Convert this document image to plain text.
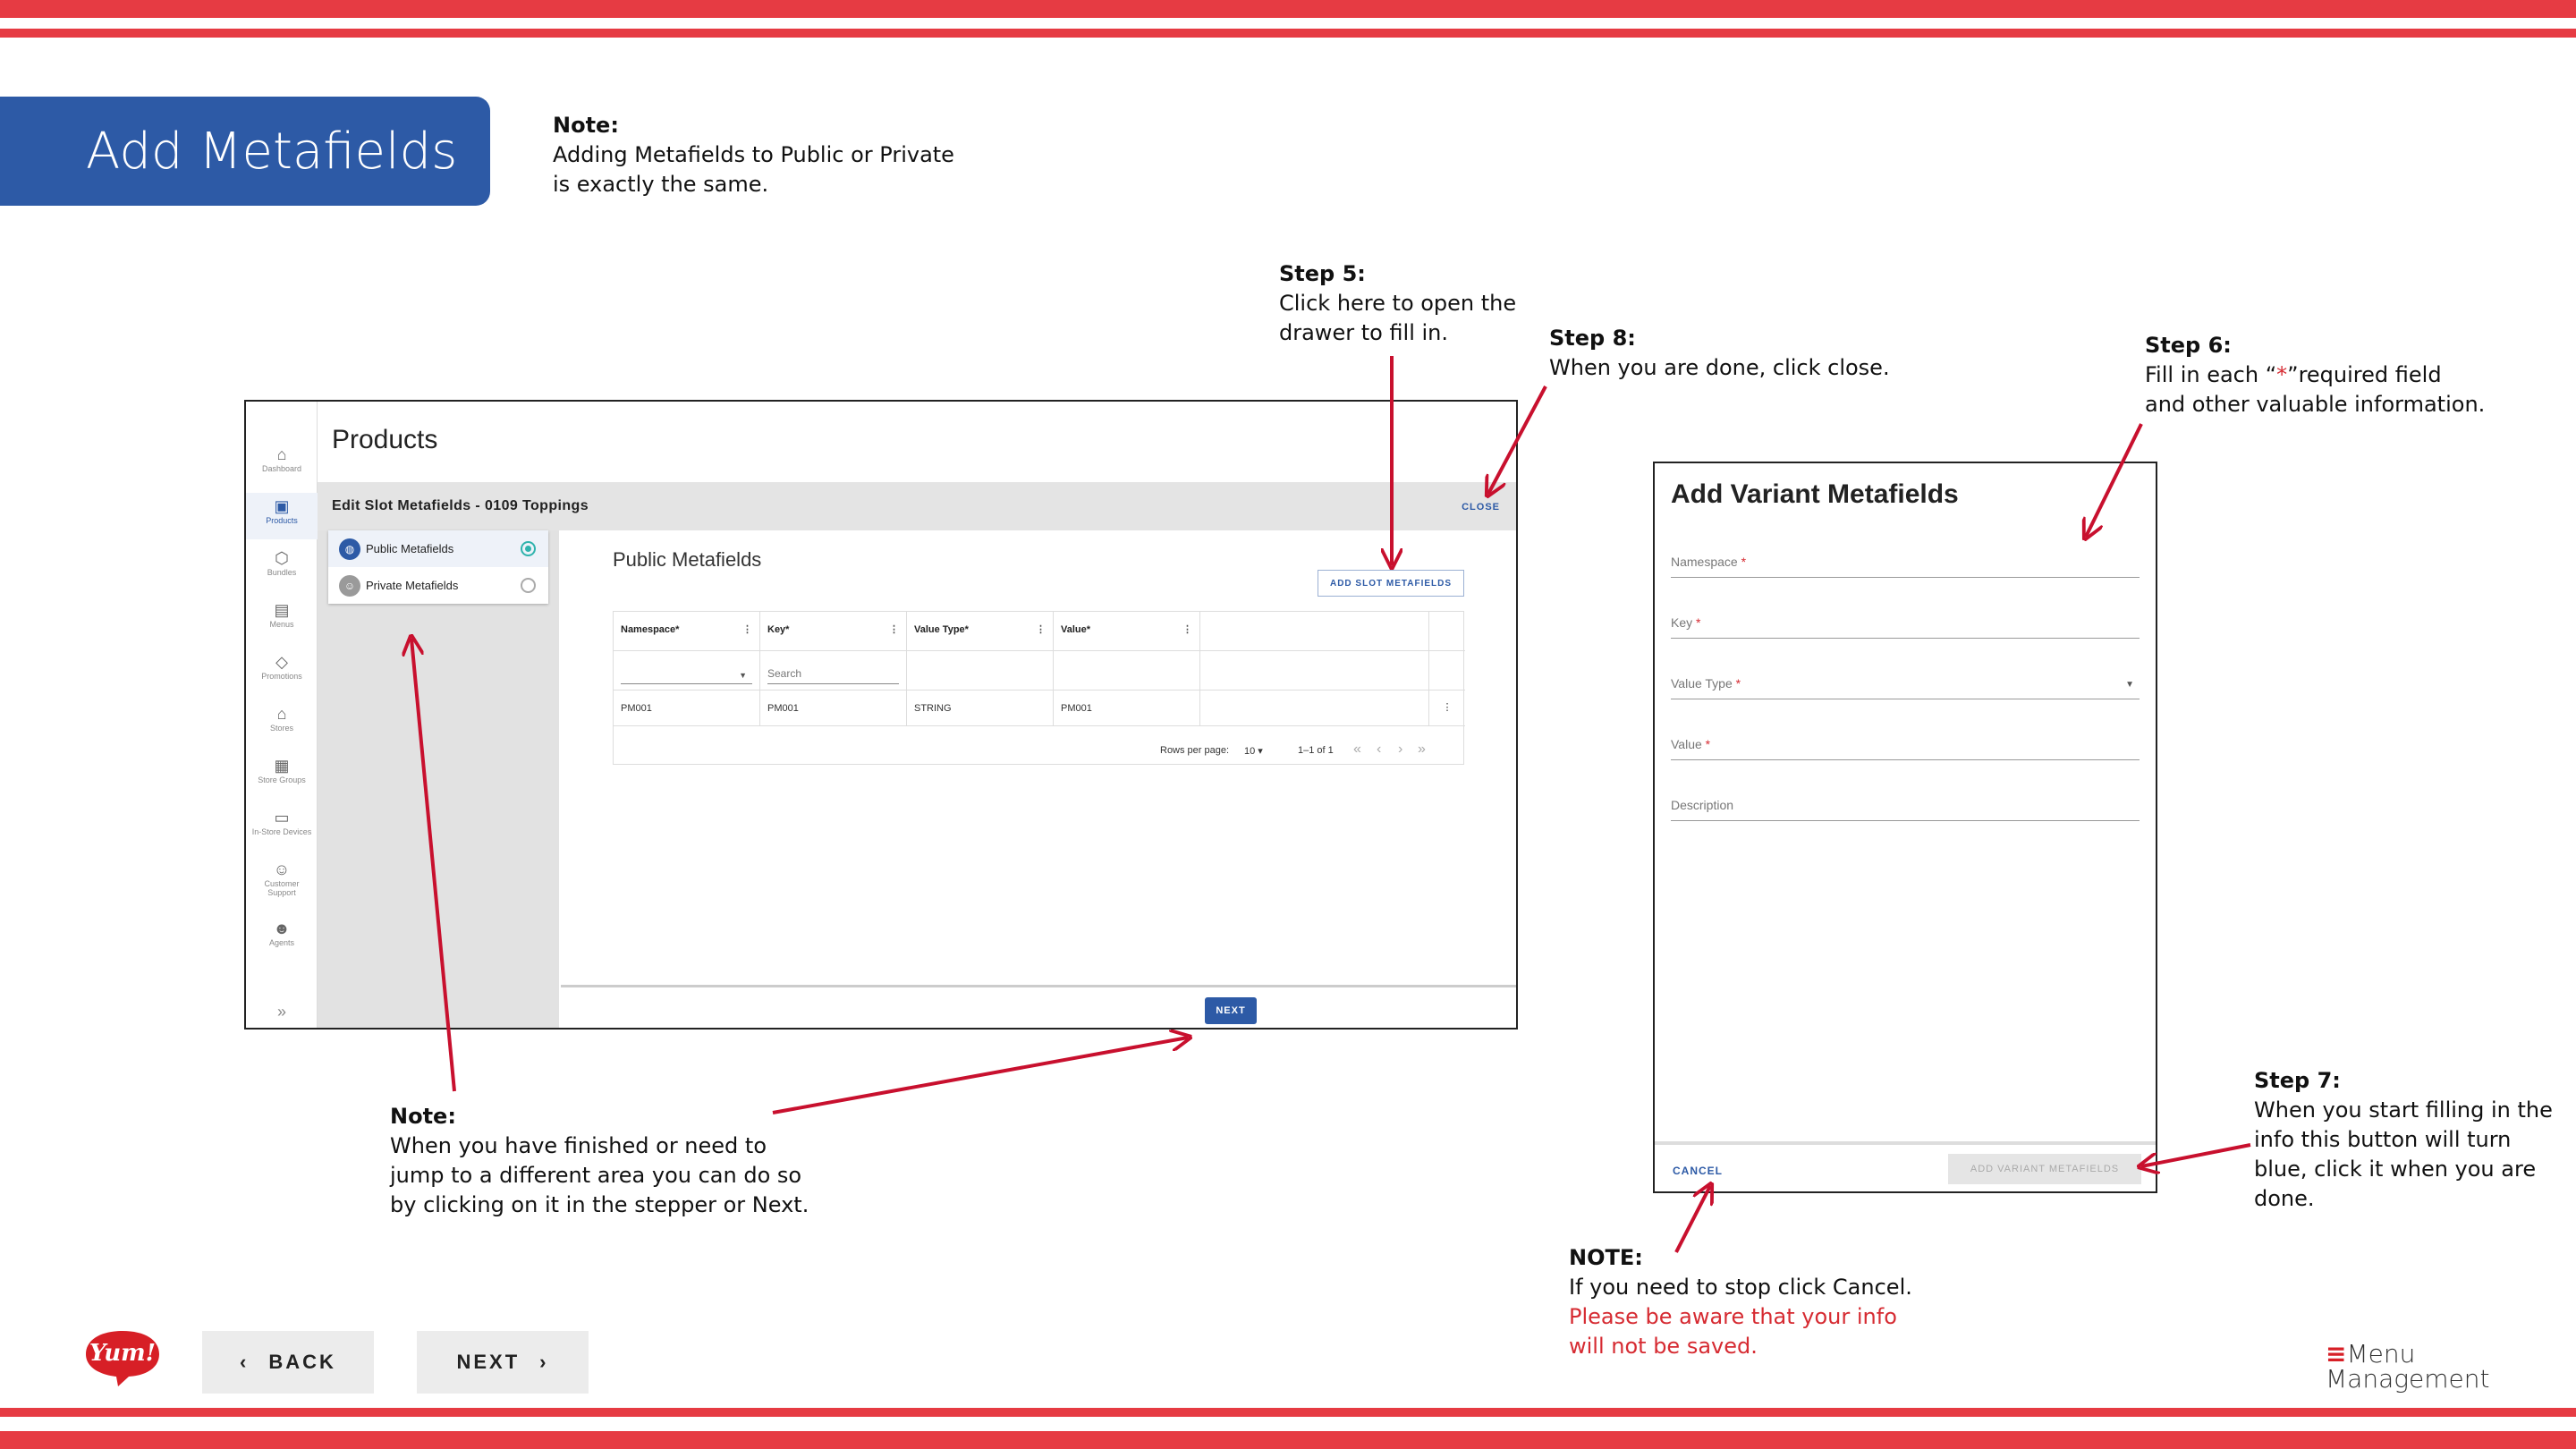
Add Metafields	Note:
Adding Metafields to Public or Private
is exactly the same.
Step 5:
Click here to open the
drawer to fill in.	Step 8:
When you are done, click close.
Step 6:
Fill in each “*”required field
and other valuable information.
⌂
Dashboard
▣
Products
⬡
Bundles
▤
Menus
◇
Promotions
⌂
Stores
▦
Store Groups
▭
In-Store Devices
☺
Customer
Support
☻
Agents
»
Products
Edit Slot Metafields - 0109 Toppings	CLOSE
◍ Public Metafields
☺ Private Metafields
Public Metafields
ADD SLOT METAFIELDS
Namespace*	⋮	Key*	⋮	Value Type*	⋮	Value*	⋮
▼	Search
PM001	PM001	STRING	PM001	⋮
Rows per page: 10 ▾	1–1 of 1 « ‹ › »
NEXT
Add Variant Metafields
Namespace *
Key *
Value Type *	▼
Value *
Description
CANCEL	ADD VARIANT METAFIELDS
Step 7:
When you start filling in the
info this button will turn
blue, click it when you are
done.
Note:
When you have finished or need to
jump to a different area you can do so
by clicking on it in the stepper or Next.
NOTE:
If you need to stop click Cancel.
Please be aware that your info
will not be saved.
Yum!	‹ BACK	NEXT ›	≡Menu
Management
